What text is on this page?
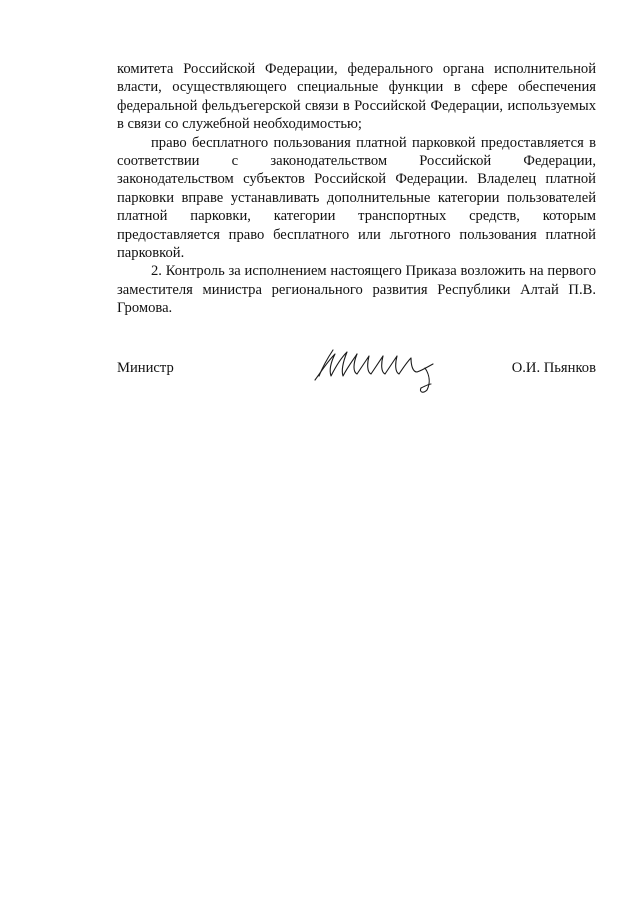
комитета Российской Федерации, федерального органа исполнительной власти, осуществляющего специальные функции в сфере обеспечения федеральной фельдъегерской связи в Российской Федерации, используемых в связи со служебной необходимостью;

право бесплатного пользования платной парковкой предоставляется в соответствии с законодательством Российской Федерации, законодательством субъектов Российской Федерации. Владелец платной парковки вправе устанавливать дополнительные категории пользователей платной парковки, категории транспортных средств, которым предоставляется право бесплатного или льготного пользования платной парковкой.

2. Контроль за исполнением настоящего Приказа возложить на первого заместителя министра регионального развития Республики Алтай П.В. Громова.

Министр	О.И. Пьянков
